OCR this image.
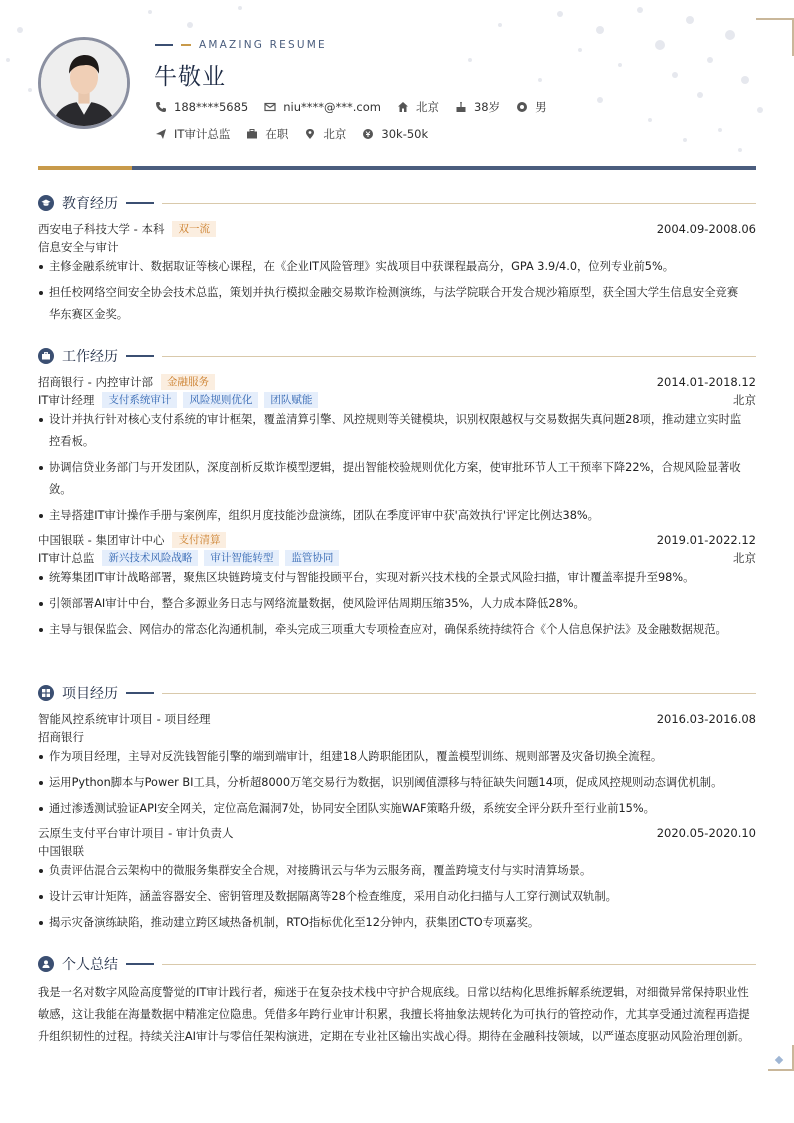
AMAZING RESUME
牛敬业
188****5685	niu****@***.com	北京	38岁	男
IT审计总监	在职	北京	30k-50k
教育经历
西安电子科技大学 - 本科	双一流	2004.09-2008.06
信息安全与审计
主修金融系统审计、数据取证等核心课程，在《企业IT风险管理》实战项目中获课程最高分，GPA 3.9/4.0，位列专业前5%。
担任校网络空间安全协会技术总监，策划并执行模拟金融交易欺诈检测演练，与法学院联合开发合规沙箱原型，获全国大学生信息安全竞赛华东赛区金奖。
工作经历
招商银行 - 内控审计部	金融服务	2014.01-2018.12
IT审计经理	支付系统审计	风险规则优化	团队赋能	北京
设计并执行针对核心支付系统的审计框架，覆盖清算引擎、风控规则等关键模块，识别权限越权与交易数据失真问题28项，推动建立实时监控看板。
协调信贷业务部门与开发团队，深度剖析反欺诈模型逻辑，提出智能校验规则优化方案，使审批环节人工干预率下降22%，合规风险显著收敛。
主导搭建IT审计操作手册与案例库，组织月度技能沙盘演练，团队在季度评审中获'高效执行'评定比例达38%。
中国银联 - 集团审计中心	支付清算	2019.01-2022.12
IT审计总监	新兴技术风险战略	审计智能转型	监管协同	北京
统筹集团IT审计战略部署，聚焦区块链跨境支付与智能投顾平台，实现对新兴技术栈的全景式风险扫描，审计覆盖率提升至98%。
引领部署AI审计中台，整合多源业务日志与网络流量数据，使风险评估周期压缩35%，人力成本降低28%。
主导与银保监会、网信办的常态化沟通机制，牵头完成三项重大专项检查应对，确保系统持续符合《个人信息保护法》及金融数据规范。
项目经历
智能风控系统审计项目 - 项目经理	2016.03-2016.08
招商银行
作为项目经理，主导对反洗钱智能引擎的端到端审计，组建18人跨职能团队，覆盖模型训练、规则部署及灾备切换全流程。
运用Python脚本与Power BI工具，分析超8000万笔交易行为数据，识别阈值漂移与特征缺失问题14项，促成风控规则动态调优机制。
通过渗透测试验证API安全网关，定位高危漏洞7处，协同安全团队实施WAF策略升级，系统安全评分跃升至行业前15%。
云原生支付平台审计项目 - 审计负责人	2020.05-2020.10
中国银联
负责评估混合云架构中的微服务集群安全合规，对接腾讯云与华为云服务商，覆盖跨境支付与实时清算场景。
设计云审计矩阵，涵盖容器安全、密钥管理及数据隔离等28个检查维度，采用自动化扫描与人工穿行测试双轨制。
揭示灾备演练缺陷，推动建立跨区域热备机制，RTO指标优化至12分钟内，获集团CTO专项嘉奖。
个人总结
我是一名对数字风险高度警觉的IT审计践行者，痴迷于在复杂技术栈中守护合规底线。日常以结构化思维拆解系统逻辑，对细微异常保持职业性敏感，这让我能在海量数据中精准定位隐患。凭借多年跨行业审计积累，我擅长将抽象法规转化为可执行的管控动作，尤其享受通过流程再造提升组织韧性的过程。持续关注AI审计与零信任架构演进，定期在专业社区输出实战心得。期待在金融科技领域，以严谨态度驱动风险治理创新。
